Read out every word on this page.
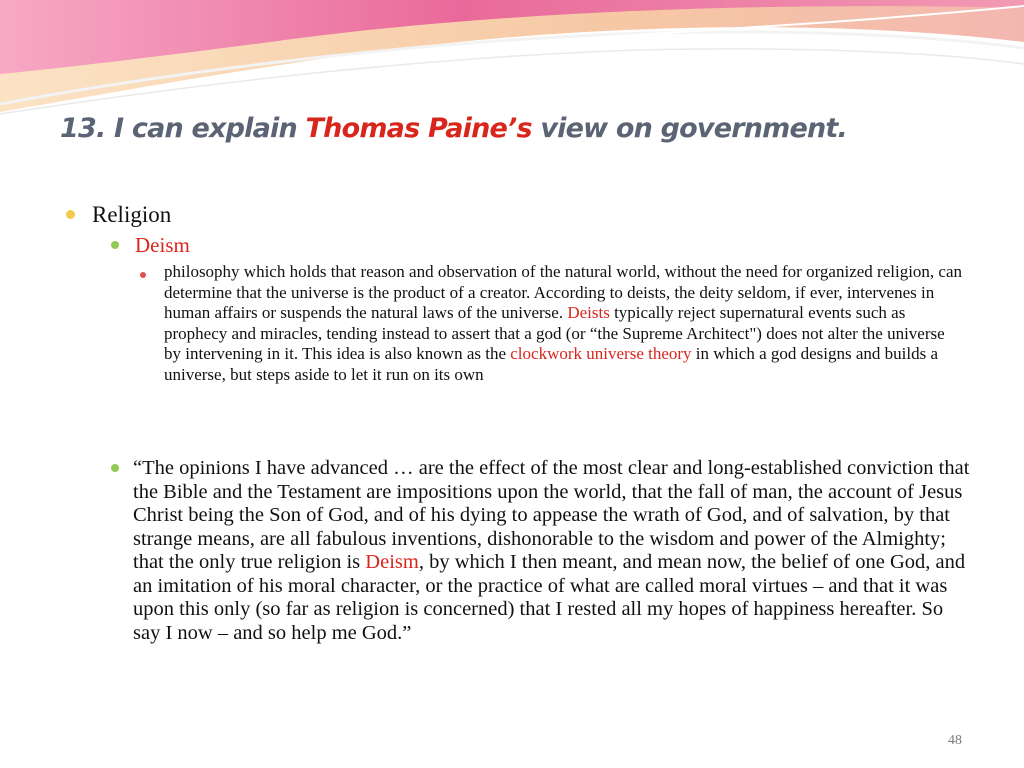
13. I can explain Thomas Paine’s view on government.
Religion
Deism
philosophy which holds that reason and observation of the natural world, without the need for organized religion, can determine that the universe is the product of a creator. According to deists, the deity seldom, if ever, intervenes in human affairs or suspends the natural laws of the universe. Deists typically reject supernatural events such as prophecy and miracles, tending instead to assert that a god (or “the Supreme Architect") does not alter the universe by intervening in it. This idea is also known as the clockwork universe theory in which a god designs and builds a universe, but steps aside to let it run on its own
“The opinions I have advanced … are the effect of the most clear and long-established conviction that the Bible and the Testament are impositions upon the world, that the fall of man, the account of Jesus Christ being the Son of God, and of his dying to appease the wrath of God, and of salvation, by that strange means, are all fabulous inventions, dishonorable to the wisdom and power of the Almighty; that the only true religion is Deism, by which I then meant, and mean now, the belief of one God, and an imitation of his moral character, or the practice of what are called moral virtues – and that it was upon this only (so far as religion is concerned) that I rested all my hopes of happiness hereafter. So say I now – and so help me God.”
48
